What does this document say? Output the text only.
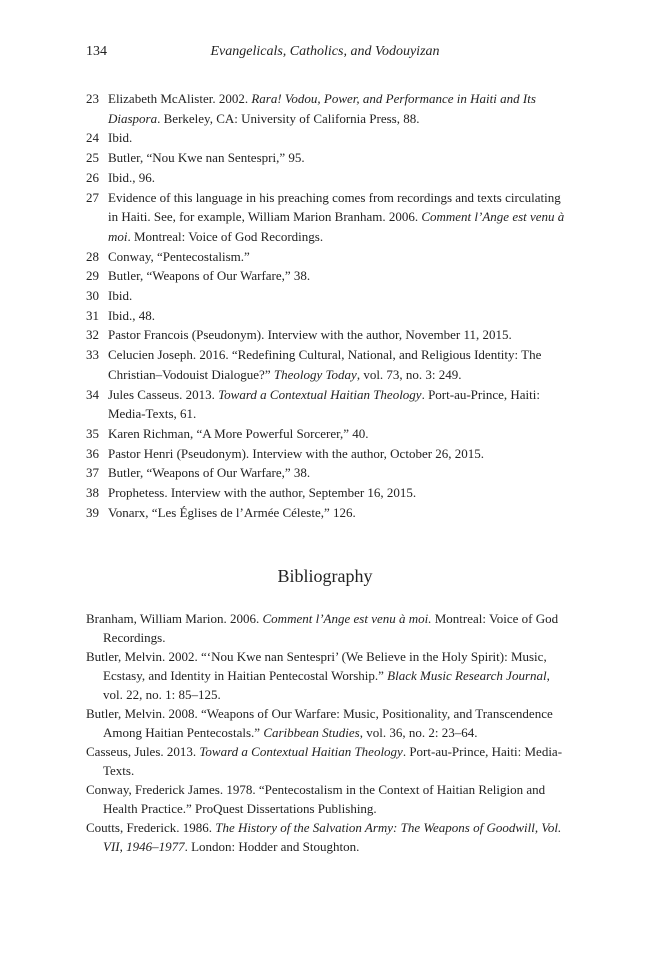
134	Evangelicals, Catholics, and Vodouyizan
23 Elizabeth McAlister. 2002. Rara! Vodou, Power, and Performance in Haiti and Its Diaspora. Berkeley, CA: University of California Press, 88.
24 Ibid.
25 Butler, “Nou Kwe nan Sentespri,” 95.
26 Ibid., 96.
27 Evidence of this language in his preaching comes from recordings and texts circulating in Haiti. See, for example, William Marion Branham. 2006. Comment l’Ange est venu à moi. Montreal: Voice of God Recordings.
28 Conway, “Pentecostalism.”
29 Butler, “Weapons of Our Warfare,” 38.
30 Ibid.
31 Ibid., 48.
32 Pastor Francois (Pseudonym). Interview with the author, November 11, 2015.
33 Celucien Joseph. 2016. “Redefining Cultural, National, and Religious Identity: The Christian–Vodouist Dialogue?” Theology Today, vol. 73, no. 3: 249.
34 Jules Casseus. 2013. Toward a Contextual Haitian Theology. Port-au-Prince, Haiti: Media-Texts, 61.
35 Karen Richman, “A More Powerful Sorcerer,” 40.
36 Pastor Henri (Pseudonym). Interview with the author, October 26, 2015.
37 Butler, “Weapons of Our Warfare,” 38.
38 Prophetess. Interview with the author, September 16, 2015.
39 Vonarx, “Les Églises de l’Armée Céleste,” 126.
Bibliography
Branham, William Marion. 2006. Comment l’Ange est venu à moi. Montreal: Voice of God Recordings.
Butler, Melvin. 2002. “‘Nou Kwe nan Sentespri’ (We Believe in the Holy Spirit): Music, Ecstasy, and Identity in Haitian Pentecostal Worship.” Black Music Research Journal, vol. 22, no. 1: 85–125.
Butler, Melvin. 2008. “Weapons of Our Warfare: Music, Positionality, and Transcendence Among Haitian Pentecostals.” Caribbean Studies, vol. 36, no. 2: 23–64.
Casseus, Jules. 2013. Toward a Contextual Haitian Theology. Port-au-Prince, Haiti: Media-Texts.
Conway, Frederick James. 1978. “Pentecostalism in the Context of Haitian Religion and Health Practice.” ProQuest Dissertations Publishing.
Coutts, Frederick. 1986. The History of the Salvation Army: The Weapons of Goodwill, Vol. VII, 1946–1977. London: Hodder and Stoughton.
